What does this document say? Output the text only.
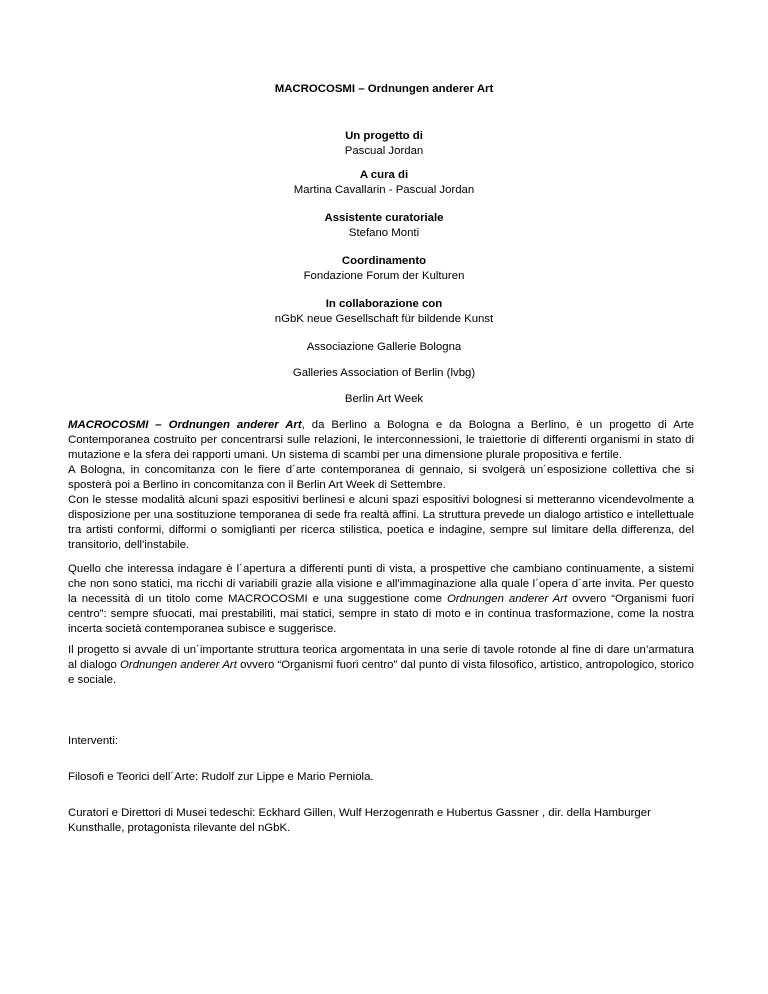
MACROCOSMI – Ordnungen anderer Art
Un progetto di
Pascual Jordan
A cura di
Martina Cavallarin - Pascual Jordan
Assistente curatoriale
Stefano Monti
Coordinamento
Fondazione Forum der Kulturen
In collaborazione con
nGbK neue Gesellschaft für bildende Kunst
Associazione Gallerie Bologna
Galleries Association of Berlin (lvbg)
Berlin Art Week
MACROCOSMI – Ordnungen anderer Art, da Berlino a Bologna e da Bologna a Berlino, è un progetto di Arte Contemporanea costruito per concentrarsi sulle relazioni, le interconnessioni, le traiettorie di differenti organismi in stato di mutazione e la sfera dei rapporti umani. Un sistema di scambi per una dimensione plurale propositiva e fertile.
A Bologna, in concomitanza con le fiere d´arte contemporanea di gennaio, si svolgerà un´esposizione collettiva che si sposterà poi a Berlino in concomitanza con il Berlin Art Week di Settembre.
Con le stesse modalità alcuni spazi espositivi berlinesi e alcuni spazi espositivi bolognesi si metteranno vicendevolmente a disposizione per una sostituzione temporanea di sede fra realtà affini. La struttura prevede un dialogo artistico e intellettuale tra artisti conformi, difformi o somiglianti per ricerca stilistica, poetica e indagine, sempre sul limitare della differenza, del transitorio, dell'instabile.
Quello che interessa indagare è l´apertura a differenti punti di vista, a prospettive che cambiano continuamente, a sistemi che non sono statici, ma ricchi di variabili grazie alla visione e all'immaginazione alla quale l´opera d´arte invita. Per questo la necessità di un titolo come MACROCOSMI e una suggestione come Ordnungen anderer Art ovvero “Organismi fuori centro”: sempre sfuocati, mai prestabiliti, mai statici, sempre in stato di moto e in continua trasformazione, come la nostra incerta società contemporanea subisce e suggerisce.
Il progetto si avvale di un´importante struttura teorica argomentata in una serie di tavole rotonde al fine di dare un’armatura al dialogo Ordnungen anderer Art ovvero “Organismi fuori centro” dal punto di vista filosofico, artistico, antropologico, storico e sociale.
Interventi:
Filosofi e Teorici dell´Arte: Rudolf zur Lippe e Mario Perniola.
Curatori e Direttori di Musei tedeschi: Eckhard Gillen, Wulf Herzogenrath e Hubertus Gassner , dir. della Hamburger Kunsthalle, protagonista rilevante del nGbK.
